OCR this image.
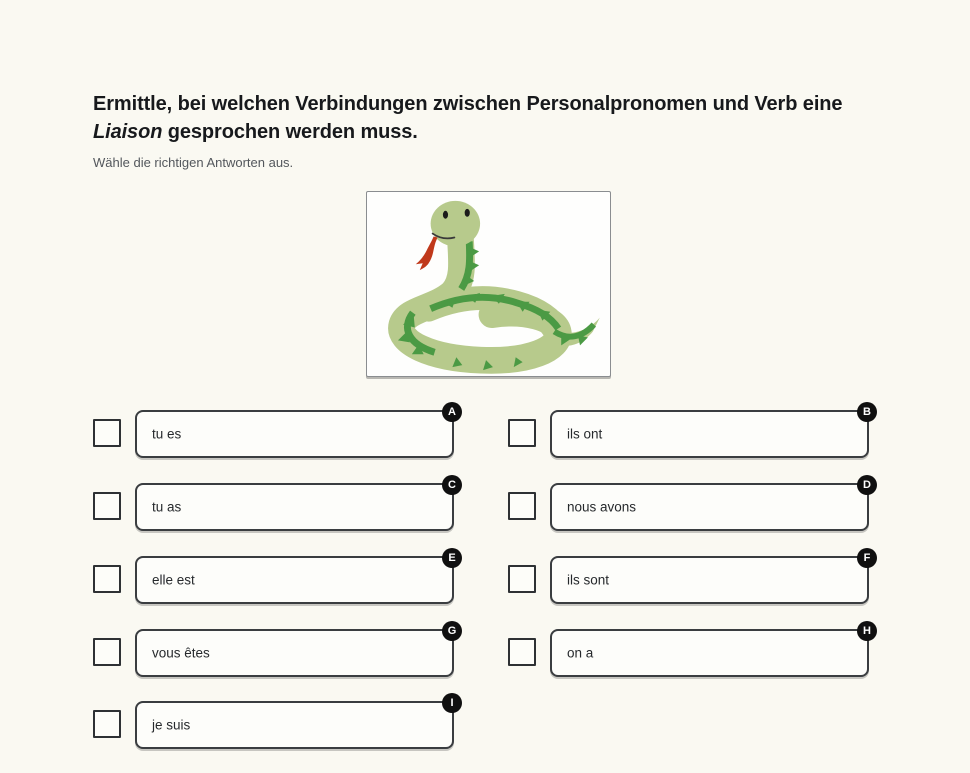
Ermittle, bei welchen Verbindungen zwischen Personalpronomen und Verb eine Liaison gesprochen werden muss.

Wähle die richtigen Antworten aus.

tu es
A
ils ont
B
tu as
C
nous avons
D
elle est
E
ils sont
F
vous êtes
G
on a
H
je suis
I
